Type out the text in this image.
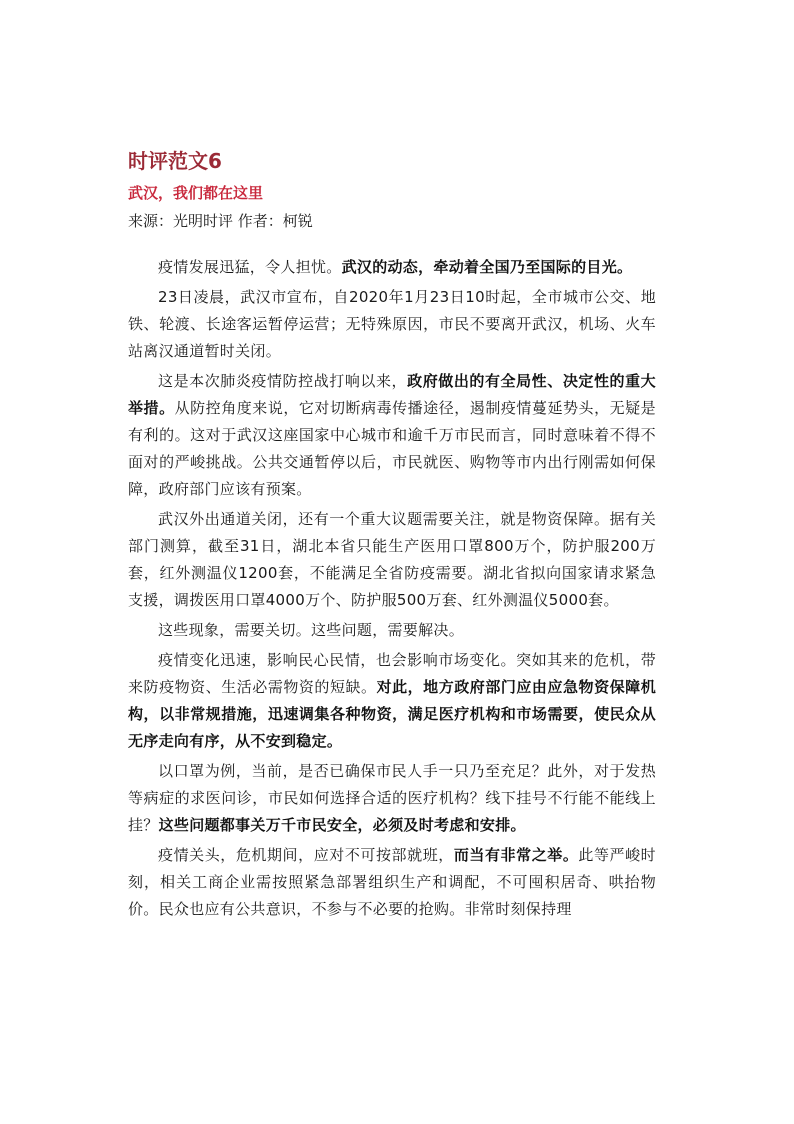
时评范文6
武汉，我们都在这里
来源：光明时评 作者：柯锐

疫情发展迅猛，令人担忧。武汉的动态，牵动着全国乃至国际的目光。

23日凌晨，武汉市宣布，自2020年1月23日10时起，全市城市公交、地铁、轮渡、长途客运暂停运营；无特殊原因，市民不要离开武汉，机场、火车站离汉通道暂时关闭。

这是本次肺炎疫情防控战打响以来，政府做出的有全局性、决定性的重大举措。从防控角度来说，它对切断病毒传播途径，遏制疫情蔓延势头，无疑是有利的。这对于武汉这座国家中心城市和逾千万市民而言，同时意味着不得不面对的严峻挑战。公共交通暂停以后，市民就医、购物等市内出行刚需如何保障，政府部门应该有预案。

武汉外出通道关闭，还有一个重大议题需要关注，就是物资保障。据有关部门测算，截至31日，湖北本省只能生产医用口罩800万个，防护服200万套，红外测温仪1200套，不能满足全省防疫需要。湖北省拟向国家请求紧急支援，调拨医用口罩4000万个、防护服500万套、红外测温仪5000套。

这些现象，需要关切。这些问题，需要解决。

疫情变化迅速，影响民心民情，也会影响市场变化。突如其来的危机，带来防疫物资、生活必需物资的短缺。对此，地方政府部门应由应急物资保障机构，以非常规措施，迅速调集各种物资，满足医疗机构和市场需要，使民众从无序走向有序，从不安到稳定。

以口罩为例，当前，是否已确保市民人手一只乃至充足？此外，对于发热等病症的求医问诊，市民如何选择合适的医疗机构？线下挂号不行能不能线上挂？这些问题都事关万千市民安全，必须及时考虑和安排。

疫情关头，危机期间，应对不可按部就班，而当有非常之举。此等严峻时刻，相关工商企业需按照紧急部署组织生产和调配，不可囤积居奇、哄抬物价。民众也应有公共意识，不参与不必要的抢购。非常时刻保持理
